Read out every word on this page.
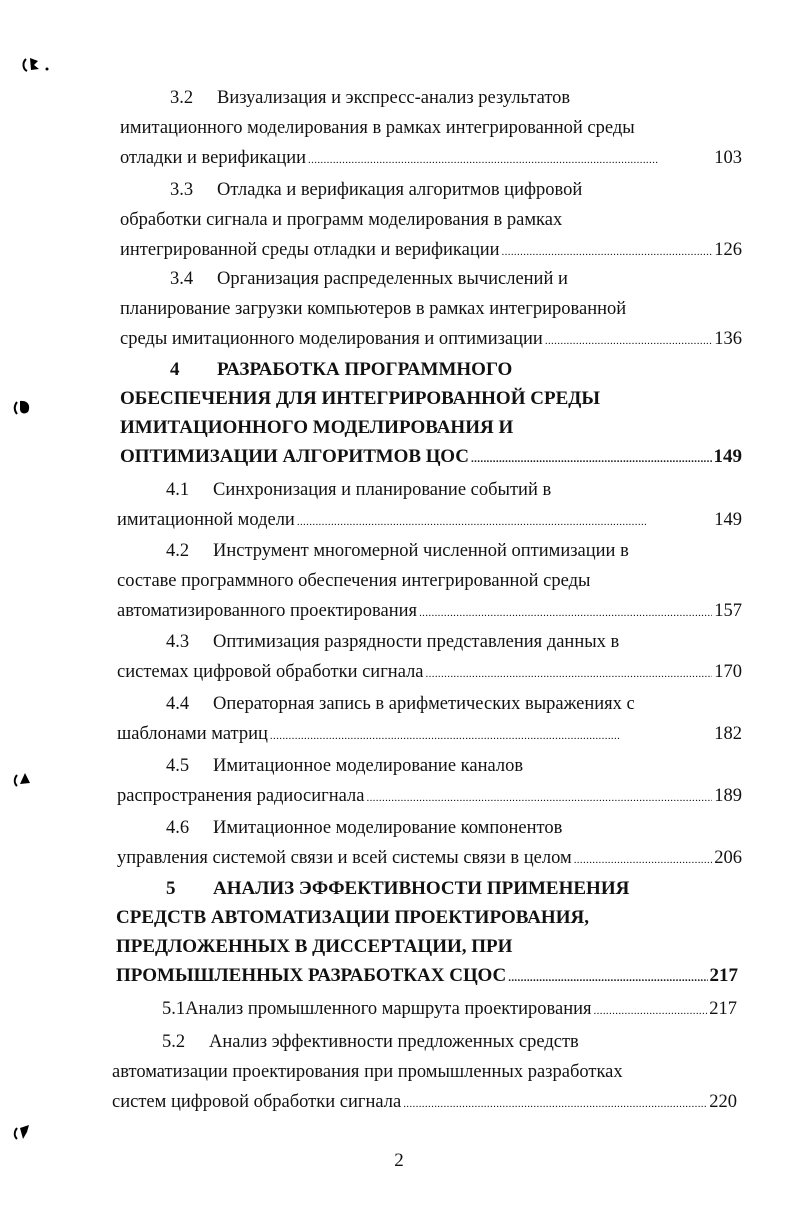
3.2	Визуализация и экспресс-анализ результатов
имитационного моделирования в рамках интегрированной среды
отладки и верификации . . .	103
3.3	Отладка и верификация алгоритмов цифровой
обработки сигнала и программ моделирования в рамках
интегрированной среды отладки и верификации . . .	126
3.4	Организация распределенных вычислений и
планирование загрузки компьютеров в рамках интегрированной
среды имитационного моделирования и оптимизации . . .	136
4	РАЗРАБОТКА ПРОГРАММНОГО
ОБЕСПЕЧЕНИЯ ДЛЯ ИНТЕГРИРОВАННОЙ СРЕДЫ
ИМИТАЦИОННОГО МОДЕЛИРОВАНИЯ И
ОПТИМИЗАЦИИ АЛГОРИТМОВ ЦОС . . .	149
4.1	Синхронизация и планирование событий в
имитационной модели . . .	149
4.2	Инструмент многомерной численной оптимизации в
составе программного обеспечения интегрированной среды
автоматизированного проектирования . . .	157
4.3	Оптимизация разрядности представления данных в
системах цифровой обработки сигнала . . .	170
4.4	Операторная запись в арифметических выражениях с
шаблонами матриц . . .	182
4.5	Имитационное моделирование каналов
распространения радиосигнала . . .	189
4.6	Имитационное моделирование компонентов
управления системой связи и всей системы связи в целом . . .	206
5	АНАЛИЗ ЭФФЕКТИВНОСТИ ПРИМЕНЕНИЯ
СРЕДСТВ АВТОМАТИЗАЦИИ ПРОЕКТИРОВАНИЯ,
ПРЕДЛОЖЕННЫХ В ДИССЕРТАЦИИ, ПРИ
ПРОМЫШЛЕННЫХ РАЗРАБОТКАХ СЦОС . . .	217
5.1 Анализ промышленного маршрута проектирования . . .	217
5.2	Анализ эффективности предложенных средств
автоматизации проектирования при промышленных разработках
систем цифровой обработки сигнала . . .	220
2
